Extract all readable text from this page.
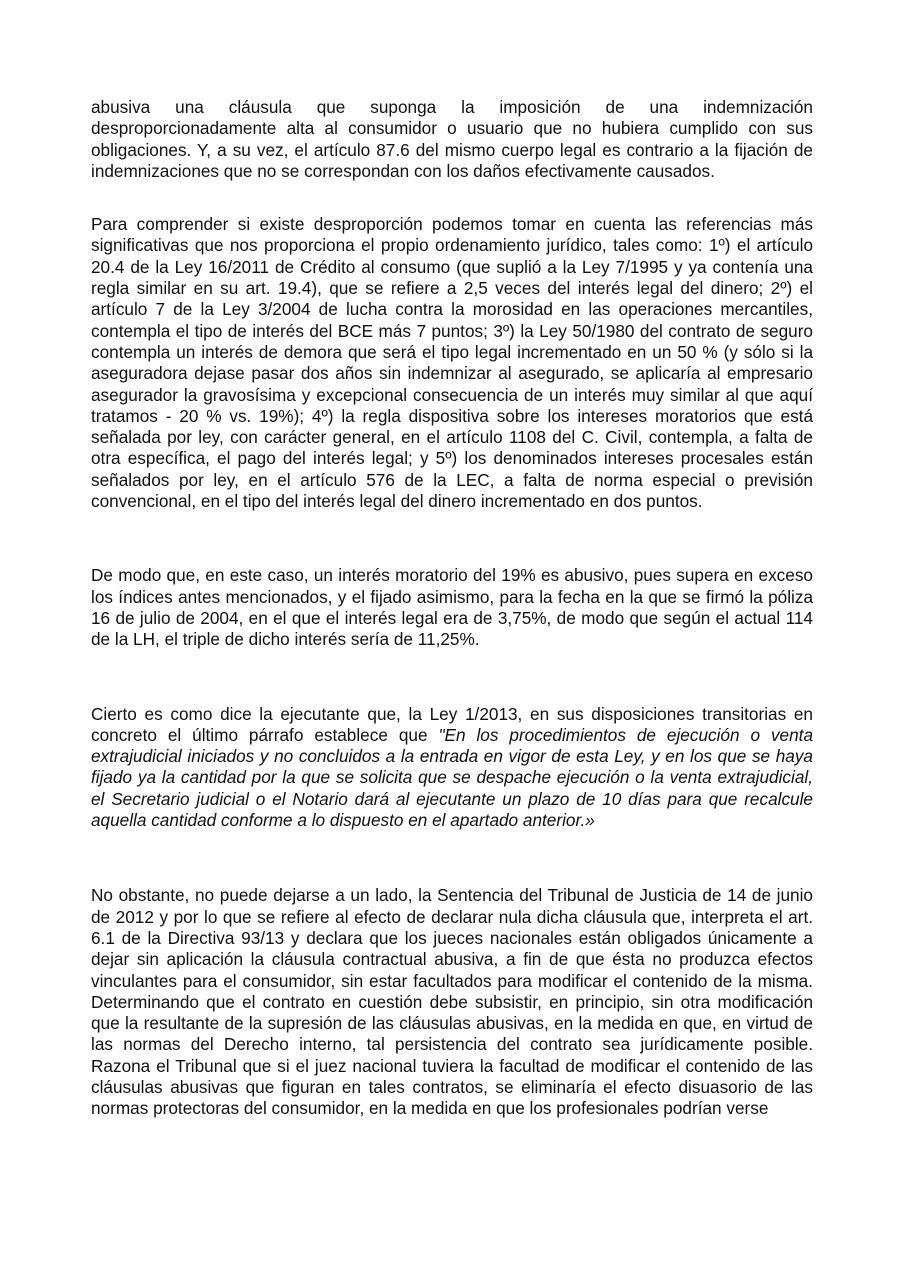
abusiva una cláusula que suponga la imposición de una indemnización desproporcionadamente alta al consumidor o usuario que no hubiera cumplido con sus obligaciones. Y, a su vez, el artículo 87.6 del mismo cuerpo legal es contrario a la fijación de indemnizaciones que no se correspondan con los daños efectivamente causados.

Para comprender si existe desproporción podemos tomar en cuenta las referencias más significativas que nos proporciona el propio ordenamiento jurídico, tales como: 1º) el artículo 20.4 de la Ley 16/2011 de Crédito al consumo (que suplió a la Ley 7/1995 y ya contenía una regla similar en su art. 19.4), que se refiere a 2,5 veces del interés legal del dinero; 2º) el artículo 7 de la Ley 3/2004 de lucha contra la morosidad en las operaciones mercantiles, contempla el tipo de interés del BCE más 7 puntos; 3º) la Ley 50/1980 del contrato de seguro contempla un interés de demora que será el tipo legal incrementado en un 50 % (y sólo si la aseguradora dejase pasar dos años sin indemnizar al asegurado, se aplicaría al empresario asegurador la gravosísima y excepcional consecuencia de un interés muy similar al que aquí tratamos - 20 % vs. 19%); 4º) la regla dispositiva sobre los intereses moratorios que está señalada por ley, con carácter general, en el artículo 1108 del C. Civil, contempla, a falta de otra específica, el pago del interés legal; y 5º) los denominados intereses procesales están señalados por ley, en el artículo 576 de la LEC, a falta de norma especial o previsión convencional, en el tipo del interés legal del dinero incrementado en dos puntos.

De modo que, en este caso, un interés moratorio del 19% es abusivo, pues supera en exceso los índices antes mencionados, y el fijado asimismo, para la fecha en la que se firmó la póliza 16 de julio de 2004, en el que el interés legal era de 3,75%, de modo que según el actual 114 de la LH, el triple de dicho interés sería de 11,25%.

Cierto es como dice la ejecutante que, la Ley 1/2013, en sus disposiciones transitorias en concreto el último párrafo establece que "En los procedimientos de ejecución o venta extrajudicial iniciados y no concluidos a la entrada en vigor de esta Ley, y en los que se haya fijado ya la cantidad por la que se solicita que se despache ejecución o la venta extrajudicial, el Secretario judicial o el Notario dará al ejecutante un plazo de 10 días para que recalcule aquella cantidad conforme a lo dispuesto en el apartado anterior.»

No obstante, no puede dejarse a un lado, la Sentencia del Tribunal de Justicia de 14 de junio de 2012 y por lo que se refiere al efecto de declarar nula dicha cláusula que, interpreta el art. 6.1 de la Directiva 93/13 y declara que los jueces nacionales están obligados únicamente a dejar sin aplicación la cláusula contractual abusiva, a fin de que ésta no produzca efectos vinculantes para el consumidor, sin estar facultados para modificar el contenido de la misma. Determinando que el contrato en cuestión debe subsistir, en principio, sin otra modificación que la resultante de la supresión de las cláusulas abusivas, en la medida en que, en virtud de las normas del Derecho interno, tal persistencia del contrato sea jurídicamente posible. Razona el Tribunal que si el juez nacional tuviera la facultad de modificar el contenido de las cláusulas abusivas que figuran en tales contratos, se eliminaría el efecto disuasorio de las normas protectoras del consumidor, en la medida en que los profesionales podrían verse
